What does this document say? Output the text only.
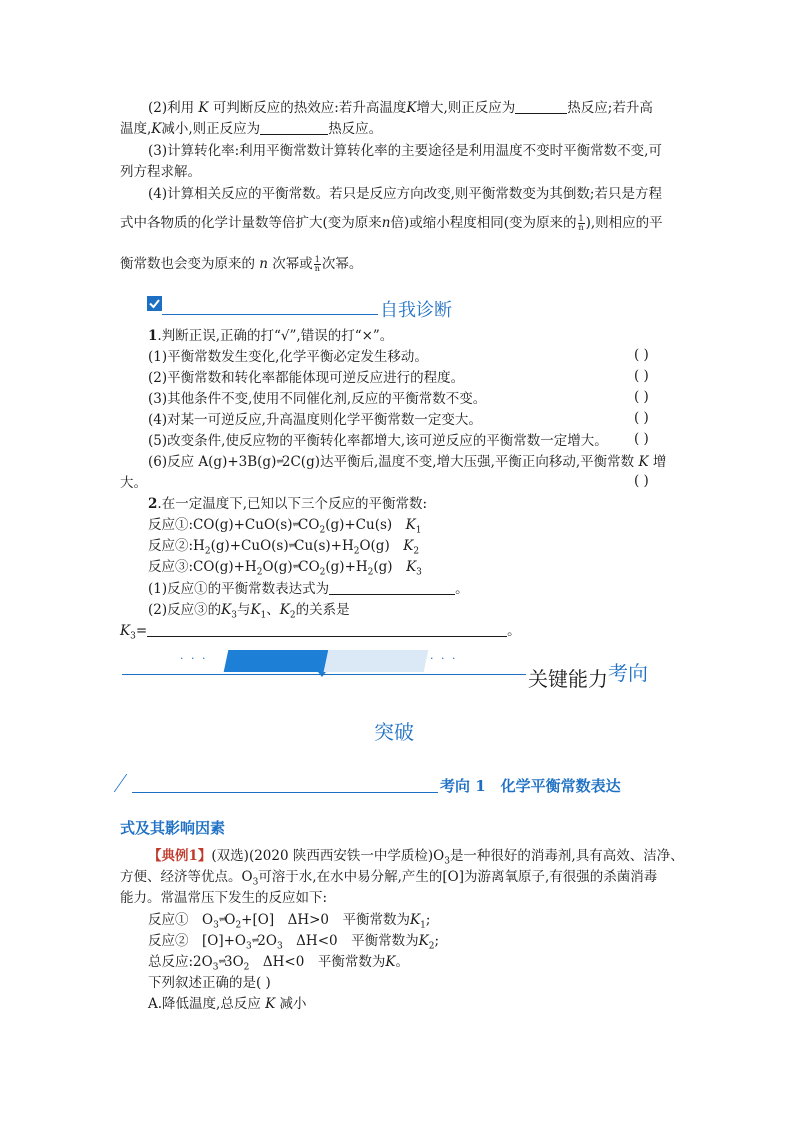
(2)利用 K 可判断反应的热效应:若升高温度K增大,则正反应为	热反应;若升高
温度,K减小,则正反应为	热反应。
(3)计算转化率:利用平衡常数计算转化率的主要途径是利用温度不变时平衡常数不变,可
列方程求解。
(4)计算相关反应的平衡常数。若只是反应方向改变,则平衡常数变为其倒数;若只是方程
式中各物质的化学计量数等倍扩大(变为原来n倍)或缩小程度相同(变为原来的 $\frac{1}{n}$ ),则相应的平
衡常数也会变为原来的 n 次幂或 $\frac{1}{n}$ 次幂。
自我诊断
1.判断正误,正确的打“√”,错误的打“×”。
(1)平衡常数发生变化,化学平衡必定发生移动。	( )
(2)平衡常数和转化率都能体现可逆反应进行的程度。	( )
(3)其他条件不变,使用不同催化剂,反应的平衡常数不变。	( )
(4)对某一可逆反应,升高温度则化学平衡常数一定变大。	( )
(5)改变条件,使反应物的平衡转化率都增大,该可逆反应的平衡常数一定增大。 ( )
(6)反应 A(g)+3B(g)⇌2C(g)达平衡后,温度不变,增大压强,平衡正向移动,平衡常数 K 增
大。	( )
2.在一定温度下,已知以下三个反应的平衡常数:
反应$①:CO(g)+CuO(s)\rightleftharpoons CO_2(g)+Cu(s)$　 $K_1$
反应$②:H_2(g)+CuO(s)\rightleftharpoons Cu(s)+H_2O(g)$　 $K_2$
反应$③:CO(g)+H_2O(g)\rightleftharpoons CO_2(g)+H_2(g)$　 $K_3$
(1)反应①的平衡常数表达式为	。
(2)反应③的$K_3$与$K_1$、$K_2$的关系是
$K_3=$	。
· · ·	· · ·
关键能力考向
突破
考向 1　化学平衡常数表达
式及其影响因素
【典例1】(双选)(2020 陕西西安铁一中学质检)$O_3$是一种很好的消毒剂,具有高效、洁净、
方便、经济等优点。$O_3$可溶于水,在水中易分解,产生的[O]为游离氧原子,有很强的杀菌消毒
能力。常温常压下发生的反应如下:
反应①　$O_3\rightleftharpoons O_2+[O]$　ΔH>0　平衡常数为$K_1$;
反应②　$[O]+O_3\rightleftharpoons 2O_3$　ΔH<0　平衡常数为$K_2$;
总反应$:2O_3\rightleftharpoons 3O_2$　ΔH<0　平衡常数为K。
下列叙述正确的是( )
A.降低温度,总反应 K 减小
